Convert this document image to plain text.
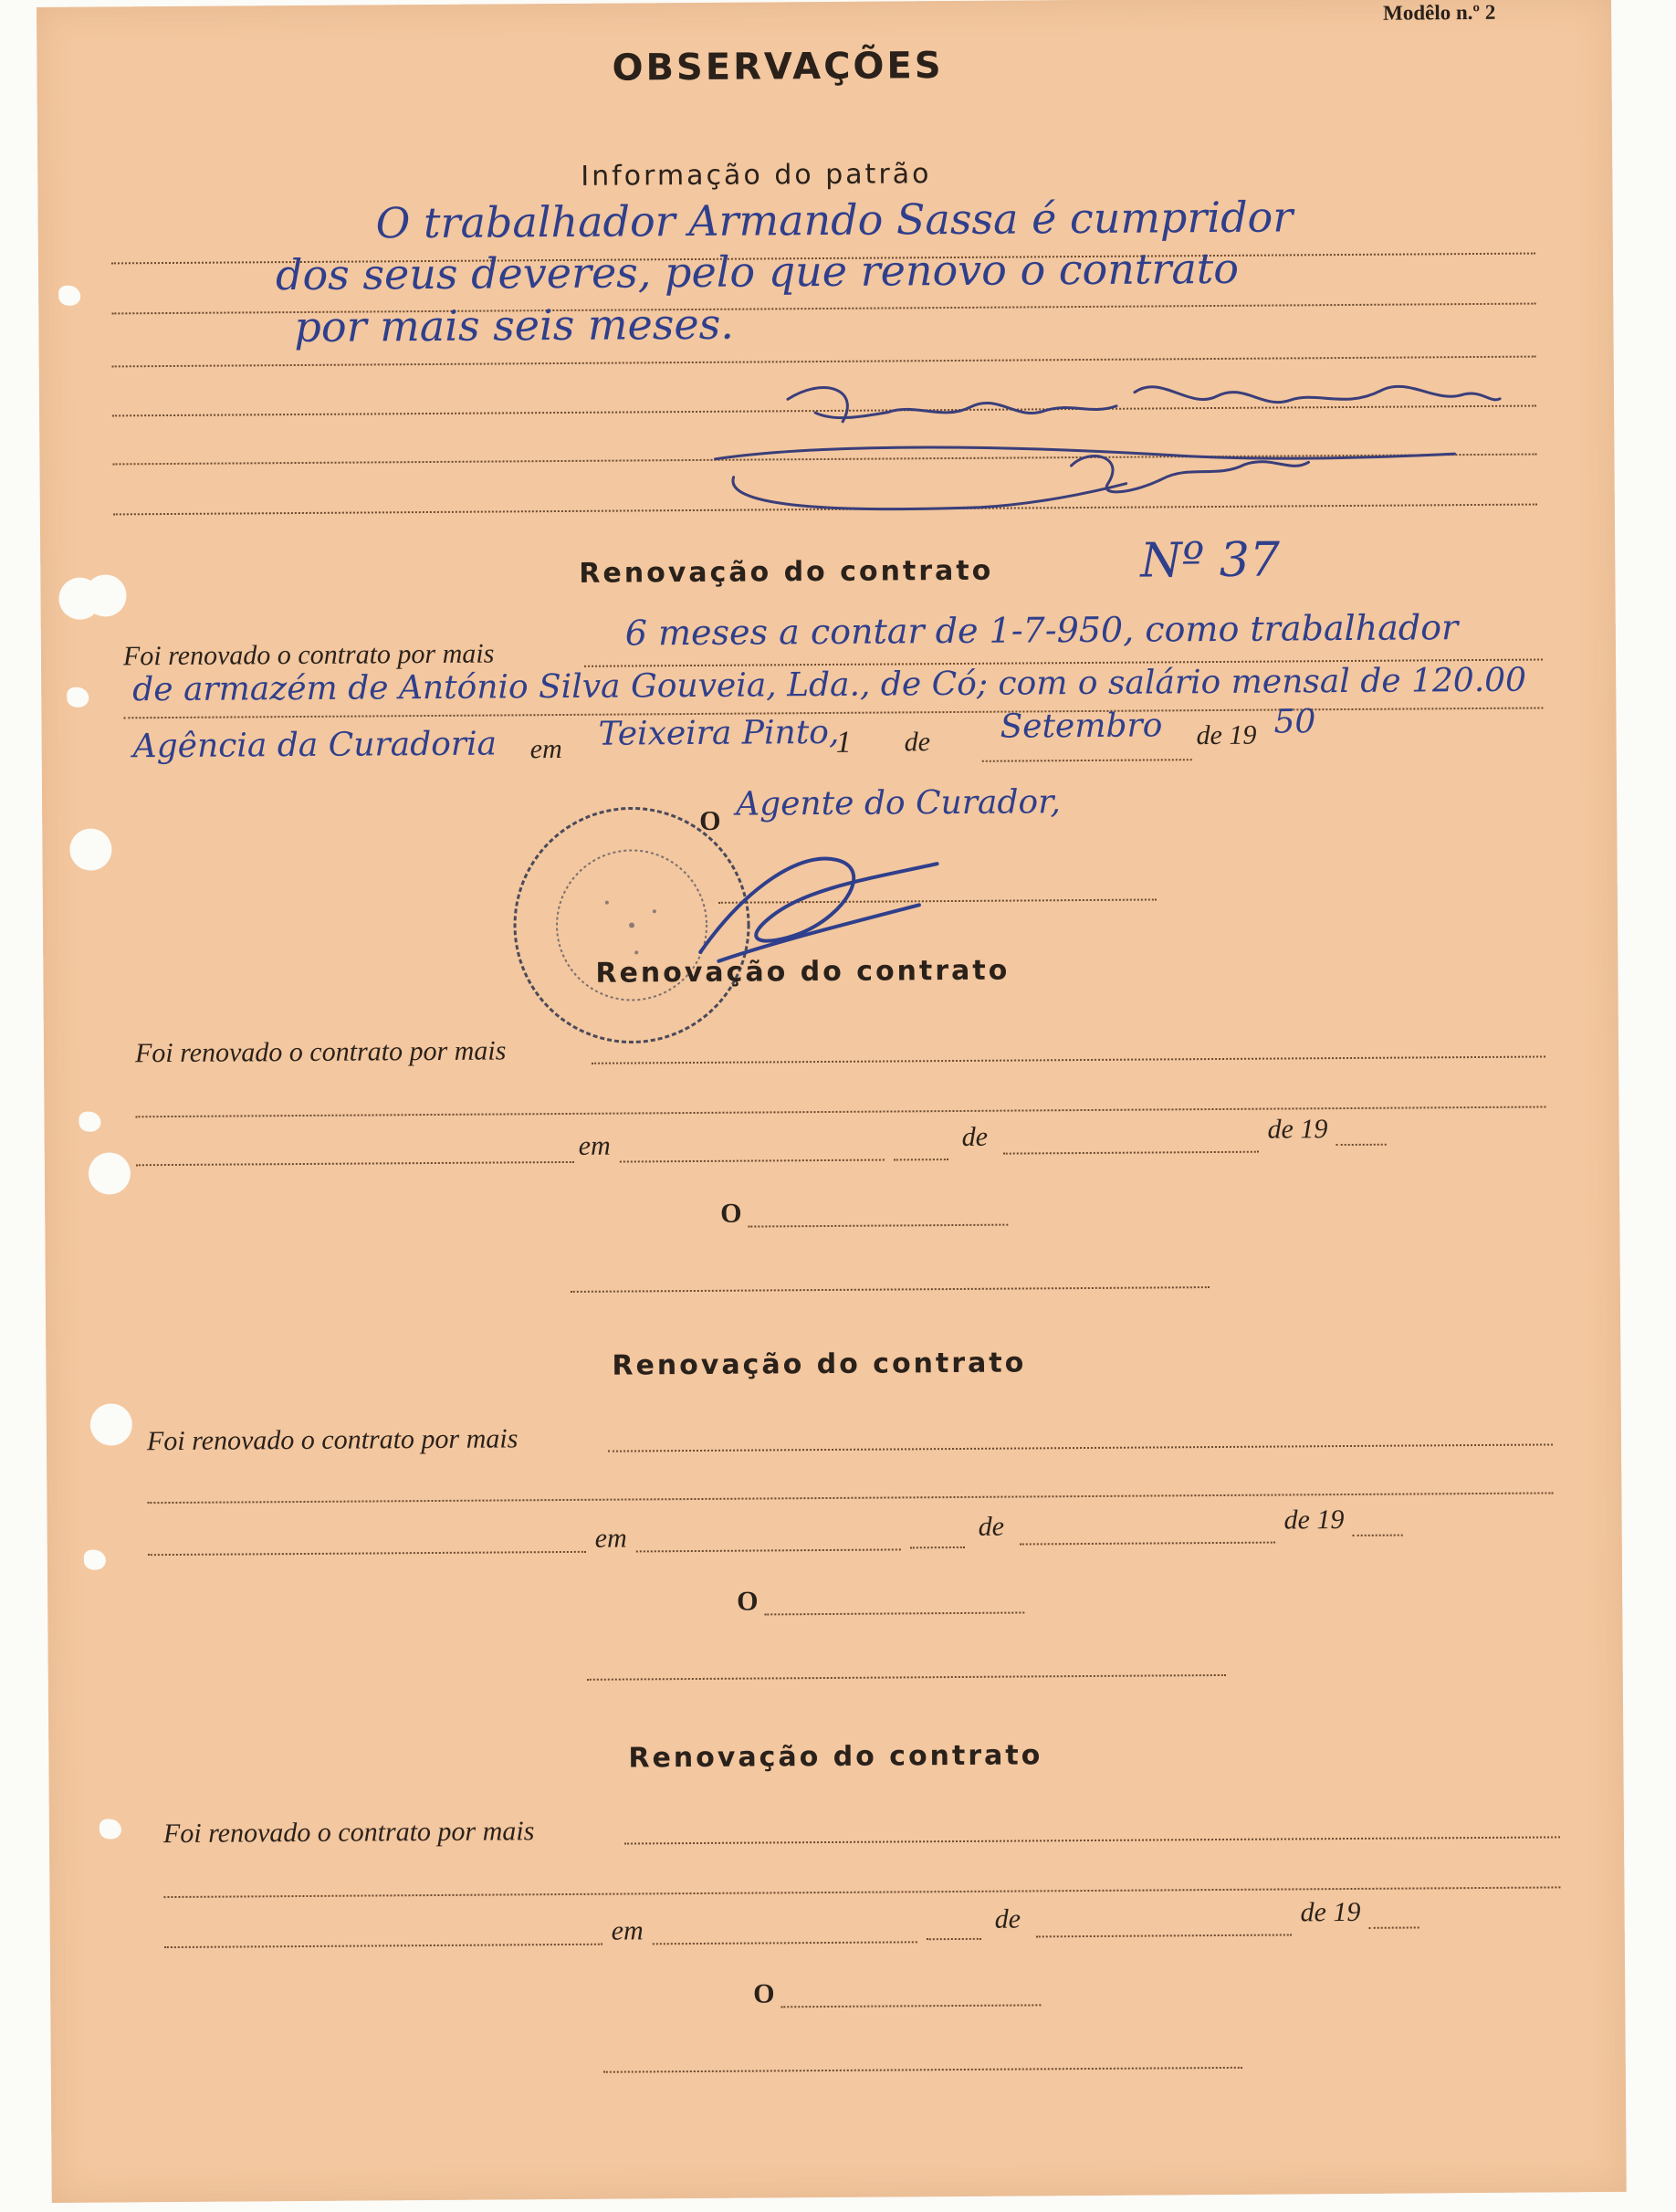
Modêlo n.º 2
OBSERVAÇÕES
Informação do patrão
O trabalhador Armando Sassa é cumpridor
dos seus deveres, pelo que renovo o contrato
por mais seis meses.
Renovação do contrato	Nº 37
Foi renovado o contrato por mais
6 meses a contar de 1-7-950, como trabalhador
de armazém de António Silva Gouveia, Lda., de Có; com o salário mensal de 120.00
Agência da Curadoria em Teixeira Pinto,
1 de Setembro de 19 50
O Agente do Curador,
Renovação do contrato
Foi renovado o contrato por mais
em	de	de 19
O
Renovação do contrato
Foi renovado o contrato por mais
em	de	de 19
O
Renovação do contrato
Foi renovado o contrato por mais
em	de	de 19
O
